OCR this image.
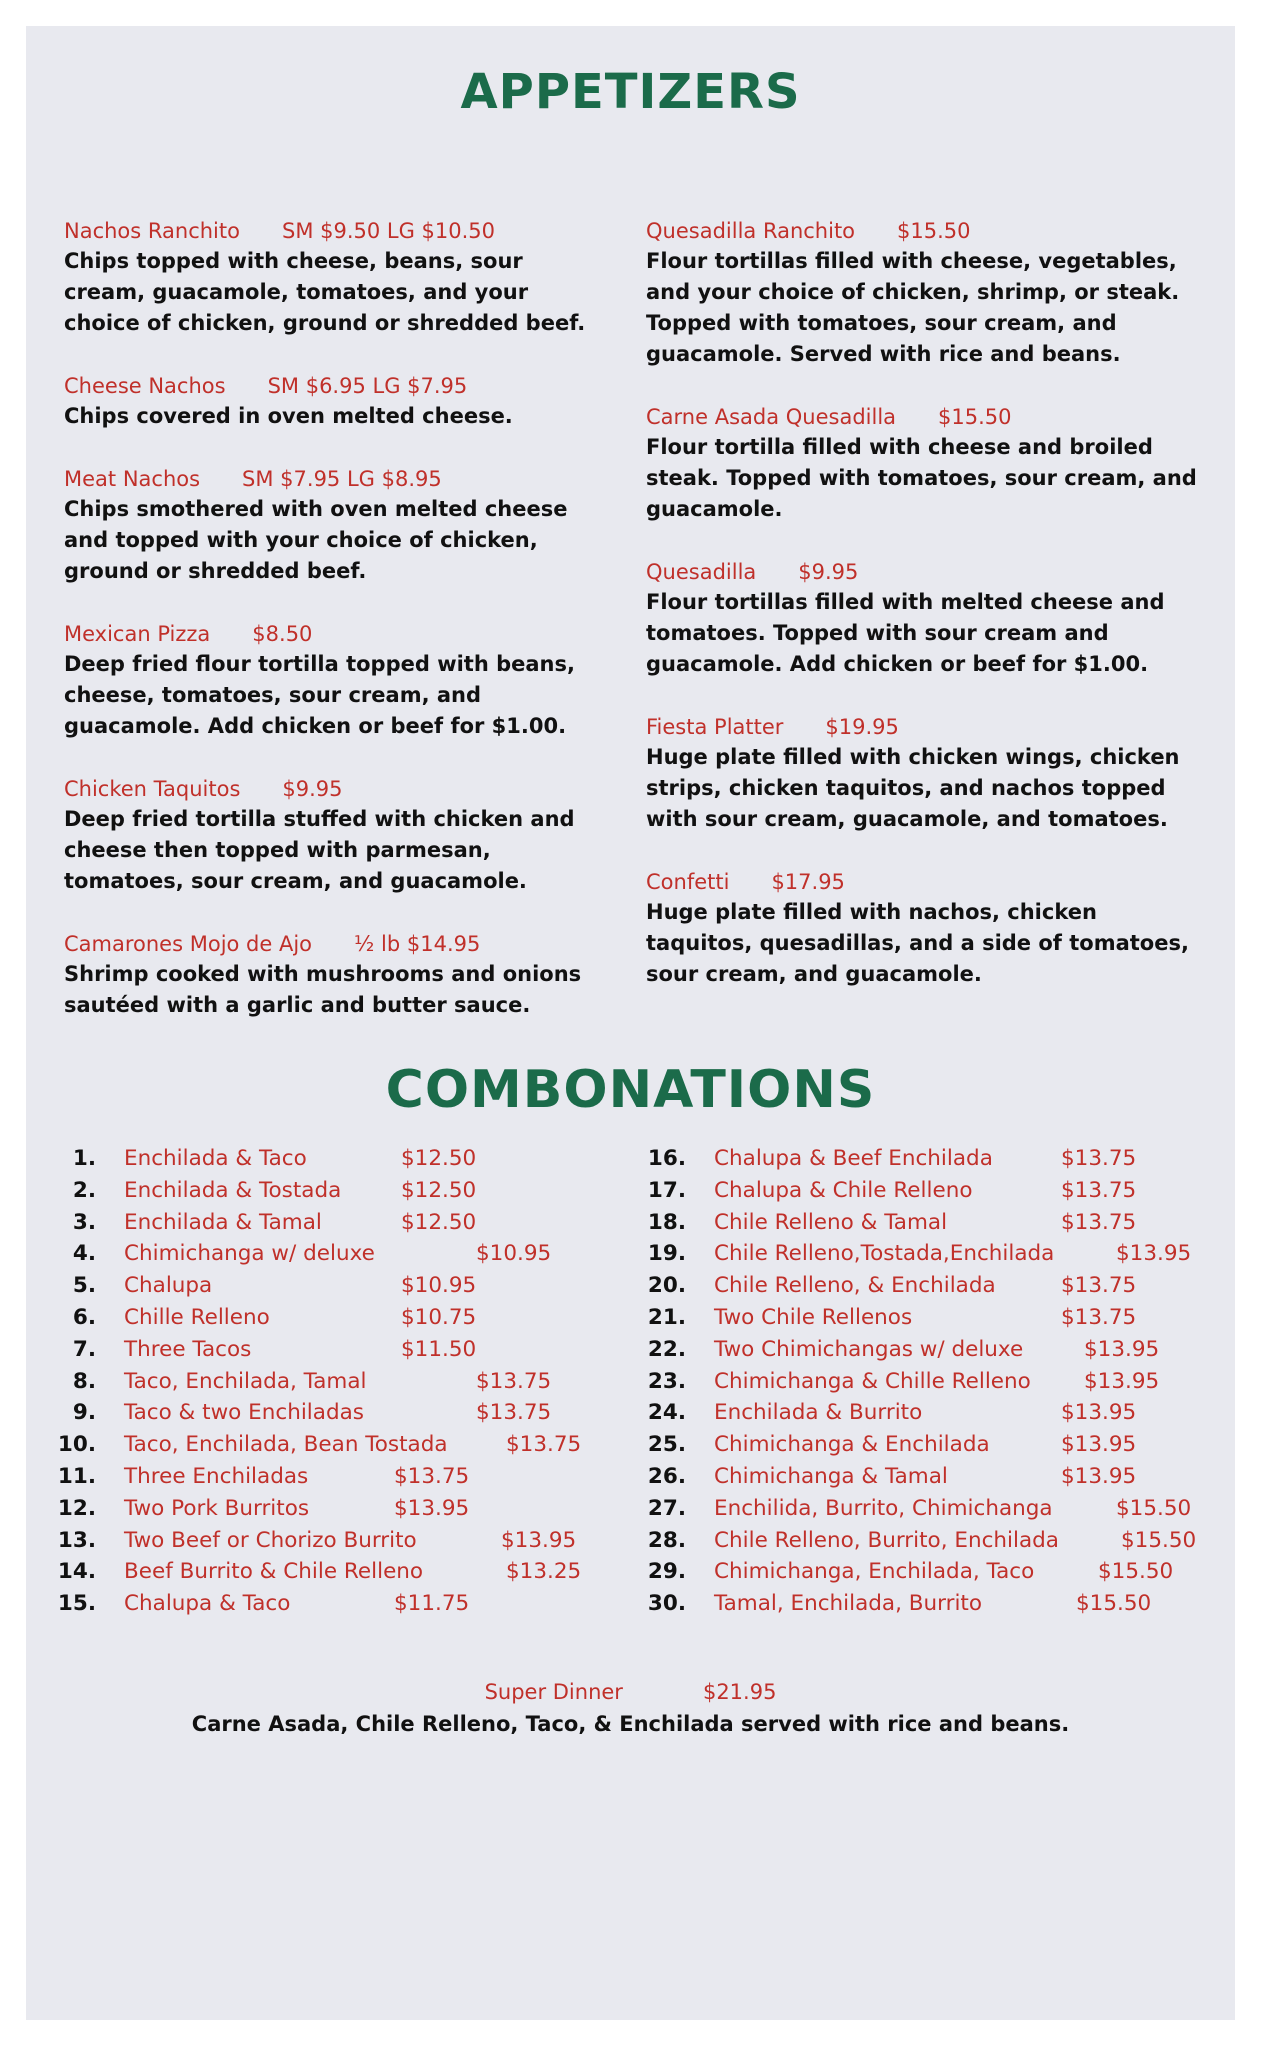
APPETIZERS
Nachos Ranchito SM $9.50 LG $10.50

Chips topped with cheese, beans, sour cream, guacamole, tomatoes, and your choice of chicken, ground or shredded beef.

Cheese Nachos SM $6.95 LG $7.95

Chips covered in oven melted cheese.

Meat Nachos SM $7.95 LG $8.95

Chips smothered with oven melted cheese and topped with your choice of chicken, ground or shredded beef.

Mexican Pizza $8.50

Deep fried flour tortilla topped with beans, cheese, tomatoes, sour cream, and guacamole. Add chicken or beef for $1.00.

Chicken Taquitos $9.95

Deep fried tortilla stuffed with chicken and cheese then topped with parmesan, tomatoes, sour cream, and guacamole.

Camarones Mojo de Ajo ½ lb $14.95

Shrimp cooked with mushrooms and onions sautéed with a garlic and butter sauce.

Quesadilla Ranchito $15.50

Flour tortillas filled with cheese, vegetables, and your choice of chicken, shrimp, or steak. Topped with tomatoes, sour cream, and guacamole. Served with rice and beans.

Carne Asada Quesadilla $15.50

Flour tortilla filled with cheese and broiled steak. Topped with tomatoes, sour cream, and guacamole.

Quesadilla $9.95

Flour tortillas filled with melted cheese and tomatoes. Topped with sour cream and guacamole. Add chicken or beef for $1.00.

Fiesta Platter $19.95

Huge plate filled with chicken wings, chicken strips, chicken taquitos, and nachos topped with sour cream, guacamole, and tomatoes.

Confetti $17.95

Huge plate filled with nachos, chicken taquitos, quesadillas, and a side of tomatoes, sour cream, and guacamole.

COMBONATIONS
1. Enchilada & Taco	$12.50
2. Enchilada & Tostada	$12.50
3. Enchilada & Tamal	$12.50
4. Chimichanga w/ deluxe	$10.95
5. Chalupa	$10.95
6. Chille Relleno	$10.75
7. Three Tacos	$11.50
8. Taco, Enchilada, Tamal	$13.75
9. Taco & two Enchiladas	$13.75
10. Taco, Enchilada, Bean Tostada	$13.75
11. Three Enchiladas	$13.75
12. Two Pork Burritos	$13.95
13. Two Beef or Chorizo Burrito	$13.95
14. Beef Burrito & Chile Relleno	$13.25
15. Chalupa & Taco	$11.75
16. Chalupa & Beef Enchilada	$13.75
17. Chalupa & Chile Relleno	$13.75
18. Chile Relleno & Tamal	$13.75
19. Chile Relleno,Tostada,Enchilada	$13.95
20. Chile Relleno, & Enchilada	$13.75
21. Two Chile Rellenos	$13.75
22. Two Chimichangas w/ deluxe	$13.95
23. Chimichanga & Chille Relleno $13.95
24. Enchilada & Burrito	$13.95
25. Chimichanga & Enchilada	$13.95
26. Chimichanga & Tamal	$13.95
27. Enchilida, Burrito, Chimichanga	$15.50
28. Chile Relleno, Burrito, Enchilada	$15.50
29. Chimichanga, Enchilada, Taco	$15.50
30. Tamal, Enchilada, Burrito	$15.50
Super Dinner	$21.95
Carne Asada, Chile Relleno, Taco, & Enchilada served with rice and beans.
